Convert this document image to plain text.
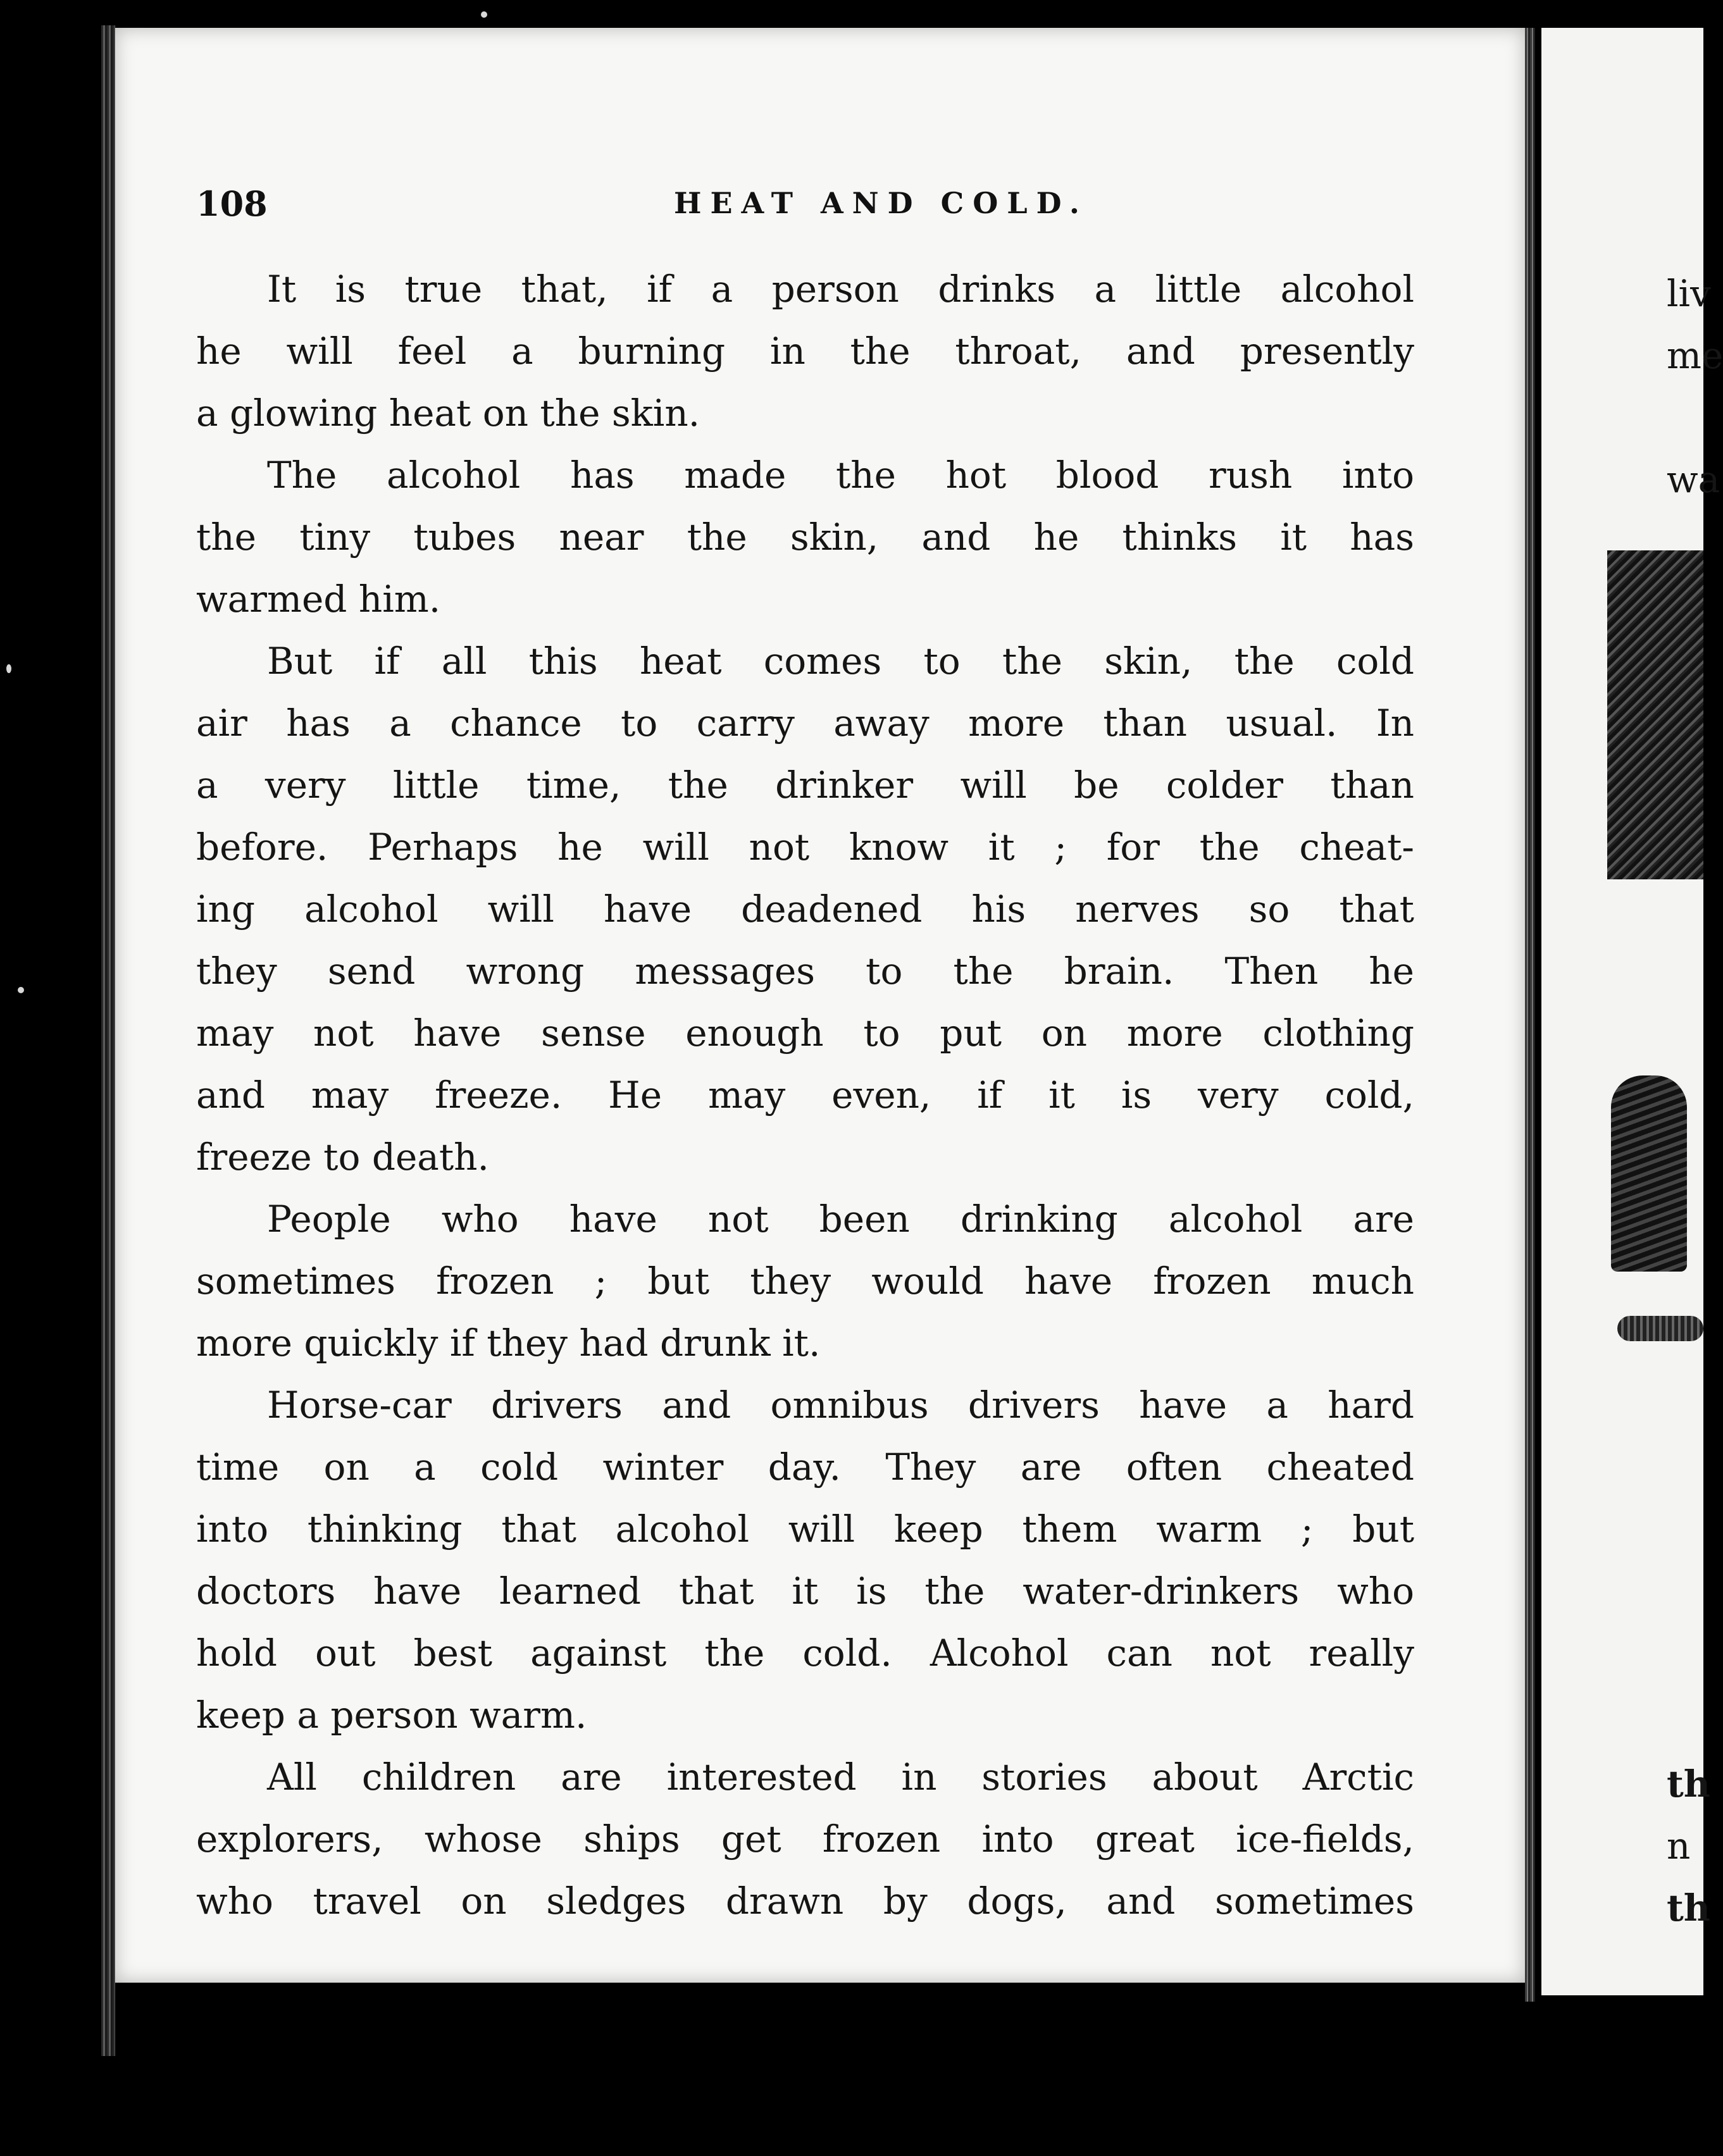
108	HEAT AND COLD.
It is true that, if a person drinks a little alcohol
he will feel a burning in the throat, and presently
a glowing heat on the skin.
The alcohol has made the hot blood rush into
the tiny tubes near the skin, and he thinks it has
warmed him.
But if all this heat comes to the skin, the cold
air has a chance to carry away more than usual. In
a very little time, the drinker will be colder than
before. Perhaps he will not know it ; for the cheat-
ing alcohol will have deadened his nerves so that
they send wrong messages to the brain. Then he
may not have sense enough to put on more clothing
and may freeze. He may even, if it is very cold,
freeze to death.
People who have not been drinking alcohol are
sometimes frozen ; but they would have frozen much
more quickly if they had drunk it.
Horse-car drivers and omnibus drivers have a hard
time on a cold winter day. They are often cheated
into thinking that alcohol will keep them warm ; but
doctors have learned that it is the water-drinkers who
hold out best against the cold. Alcohol can not really
keep a person warm.
All children are interested in stories about Arctic
explorers, whose ships get frozen into great ice-fields,
who travel on sledges drawn by dogs, and sometimes
liv
me
wa
th
n
th
